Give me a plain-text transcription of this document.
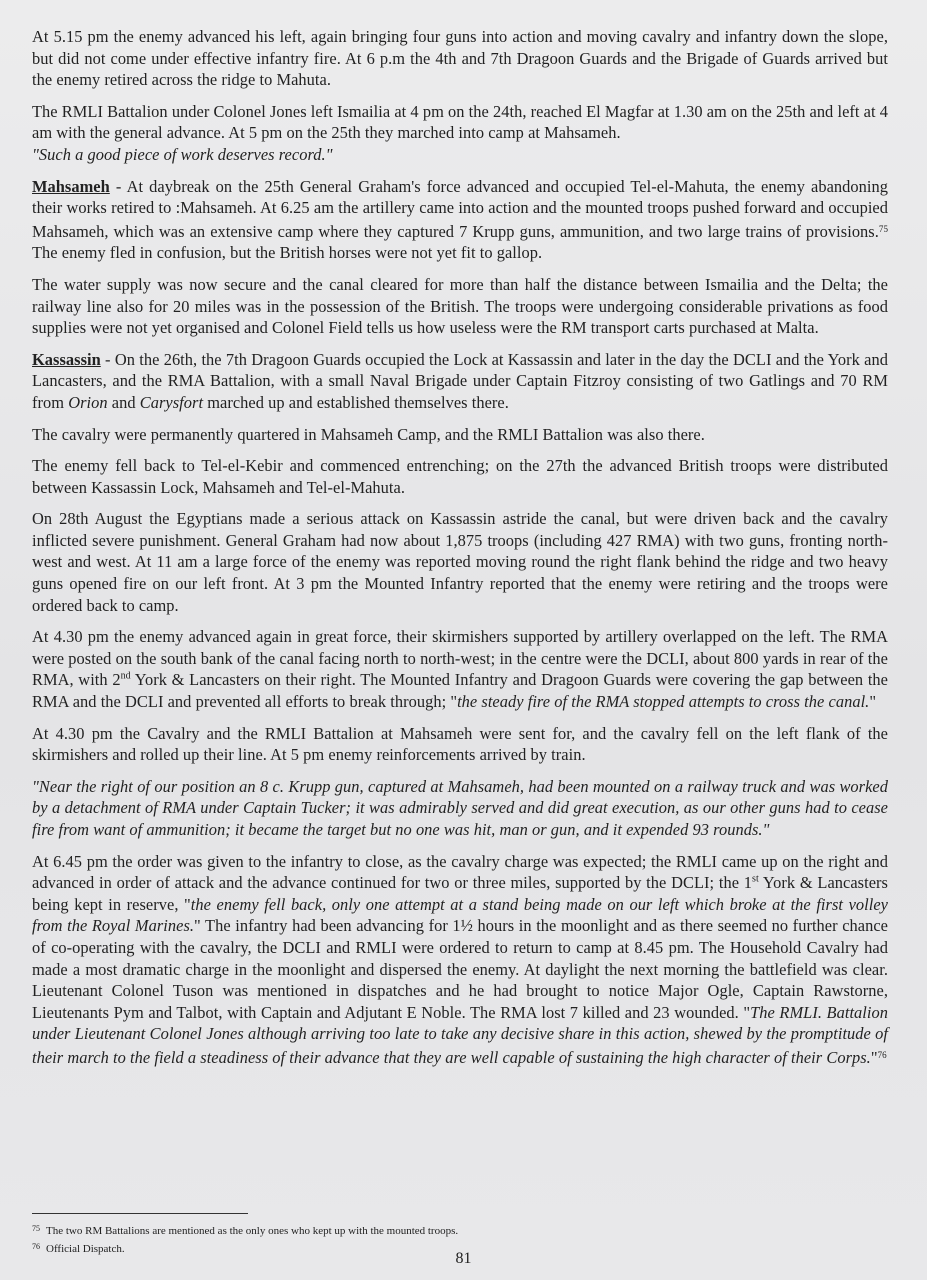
At 5.15 pm the enemy advanced his left, again bringing four guns into action and moving cavalry and infantry down the slope, but did not come under effective infantry fire. At 6 p.m the 4th and 7th Dragoon Guards and the Brigade of Guards arrived but the enemy retired across the ridge to Mahuta.

The RMLI Battalion under Colonel Jones left Ismailia at 4 pm on the 24th, reached El Magfar at 1.30 am on the 25th and left at 4 am with the general advance. At 5 pm on the 25th they marched into camp at Mahsameh.
"Such a good piece of work deserves record."

Mahsameh - At daybreak on the 25th General Graham's force advanced and occupied Tel-el-Mahuta, the enemy abandoning their works retired to :Mahsameh. At 6.25 am the artillery came into action and the mounted troops pushed forward and occupied Mahsameh, which was an extensive camp where they captured 7 Krupp guns, ammunition, and two large trains of provisions.$^{75}$ The enemy fled in confusion, but the British horses were not yet fit to gallop.

The water supply was now secure and the canal cleared for more than half the distance between Ismailia and the Delta; the railway line also for 20 miles was in the possession of the British. The troops were undergoing considerable privations as food supplies were not yet organised and Colonel Field tells us how useless were the RM transport carts purchased at Malta.

Kassassin - On the 26th, the 7th Dragoon Guards occupied the Lock at Kassassin and later in the day the DCLI and the York and Lancasters, and the RMA Battalion, with a small Naval Brigade under Captain Fitzroy consisting of two Gatlings and 70 RM from Orion and Carysfort marched up and established themselves there.

The cavalry were permanently quartered in Mahsameh Camp, and the RMLI Battalion was also there.

The enemy fell back to Tel-el-Kebir and commenced entrenching; on the 27th the advanced British troops were distributed between Kassassin Lock, Mahsameh and Tel-el-Mahuta.

On 28th August the Egyptians made a serious attack on Kassassin astride the canal, but were driven back and the cavalry inflicted severe punishment. General Graham had now about 1,875 troops (including 427 RMA) with two guns, fronting north-west and west. At 11 am a large force of the enemy was reported moving round the right flank behind the ridge and two heavy guns opened fire on our left front. At 3 pm the Mounted Infantry reported that the enemy were retiring and the troops were ordered back to camp.

At 4.30 pm the enemy advanced again in great force, their skirmishers supported by artillery overlapped on the left. The RMA were posted on the south bank of the canal facing north to north-west; in the centre were the DCLI, about 800 yards in rear of the RMA, with 2nd York & Lancasters on their right. The Mounted Infantry and Dragoon Guards were covering the gap between the RMA and the DCLI and prevented all efforts to break through; "the steady fire of the RMA stopped attempts to cross the canal."

At 4.30 pm the Cavalry and the RMLI Battalion at Mahsameh were sent for, and the cavalry fell on the left flank of the skirmishers and rolled up their line. At 5 pm enemy reinforcements arrived by train.

"Near the right of our position an 8 c. Krupp gun, captured at Mahsameh, had been mounted on a railway truck and was worked by a detachment of RMA under Captain Tucker; it was admirably served and did great execution, as our other guns had to cease fire from want of ammunition; it became the target but no one was hit, man or gun, and it expended 93 rounds."

At 6.45 pm the order was given to the infantry to close, as the cavalry charge was expected; the RMLI came up on the right and advanced in order of attack and the advance continued for two or three miles, supported by the DCLI; the 1st York & Lancasters being kept in reserve, "the enemy fell back, only one attempt at a stand being made on our left which broke at the first volley from the Royal Marines." The infantry had been advancing for 1½ hours in the moonlight and as there seemed no further chance of co-operating with the cavalry, the DCLI and RMLI were ordered to return to camp at 8.45 pm. The Household Cavalry had made a most dramatic charge in the moonlight and dispersed the enemy. At daylight the next morning the battlefield was clear. Lieutenant Colonel Tuson was mentioned in dispatches and he had brought to notice Major Ogle, Captain Rawstorne, Lieutenants Pym and Talbot, with Captain and Adjutant E Noble. The RMA lost 7 killed and 23 wounded. "The RMLI. Battalion under Lieutenant Colonel Jones although arriving too late to take any decisive share in this action, shewed by the promptitude of their march to the field a steadiness of their advance that they are well capable of sustaining the high character of their Corps."$^{76}$

$^{75}$ The two RM Battalions are mentioned as the only ones who kept up with the mounted troops.
$^{76}$ Official Dispatch.
81
